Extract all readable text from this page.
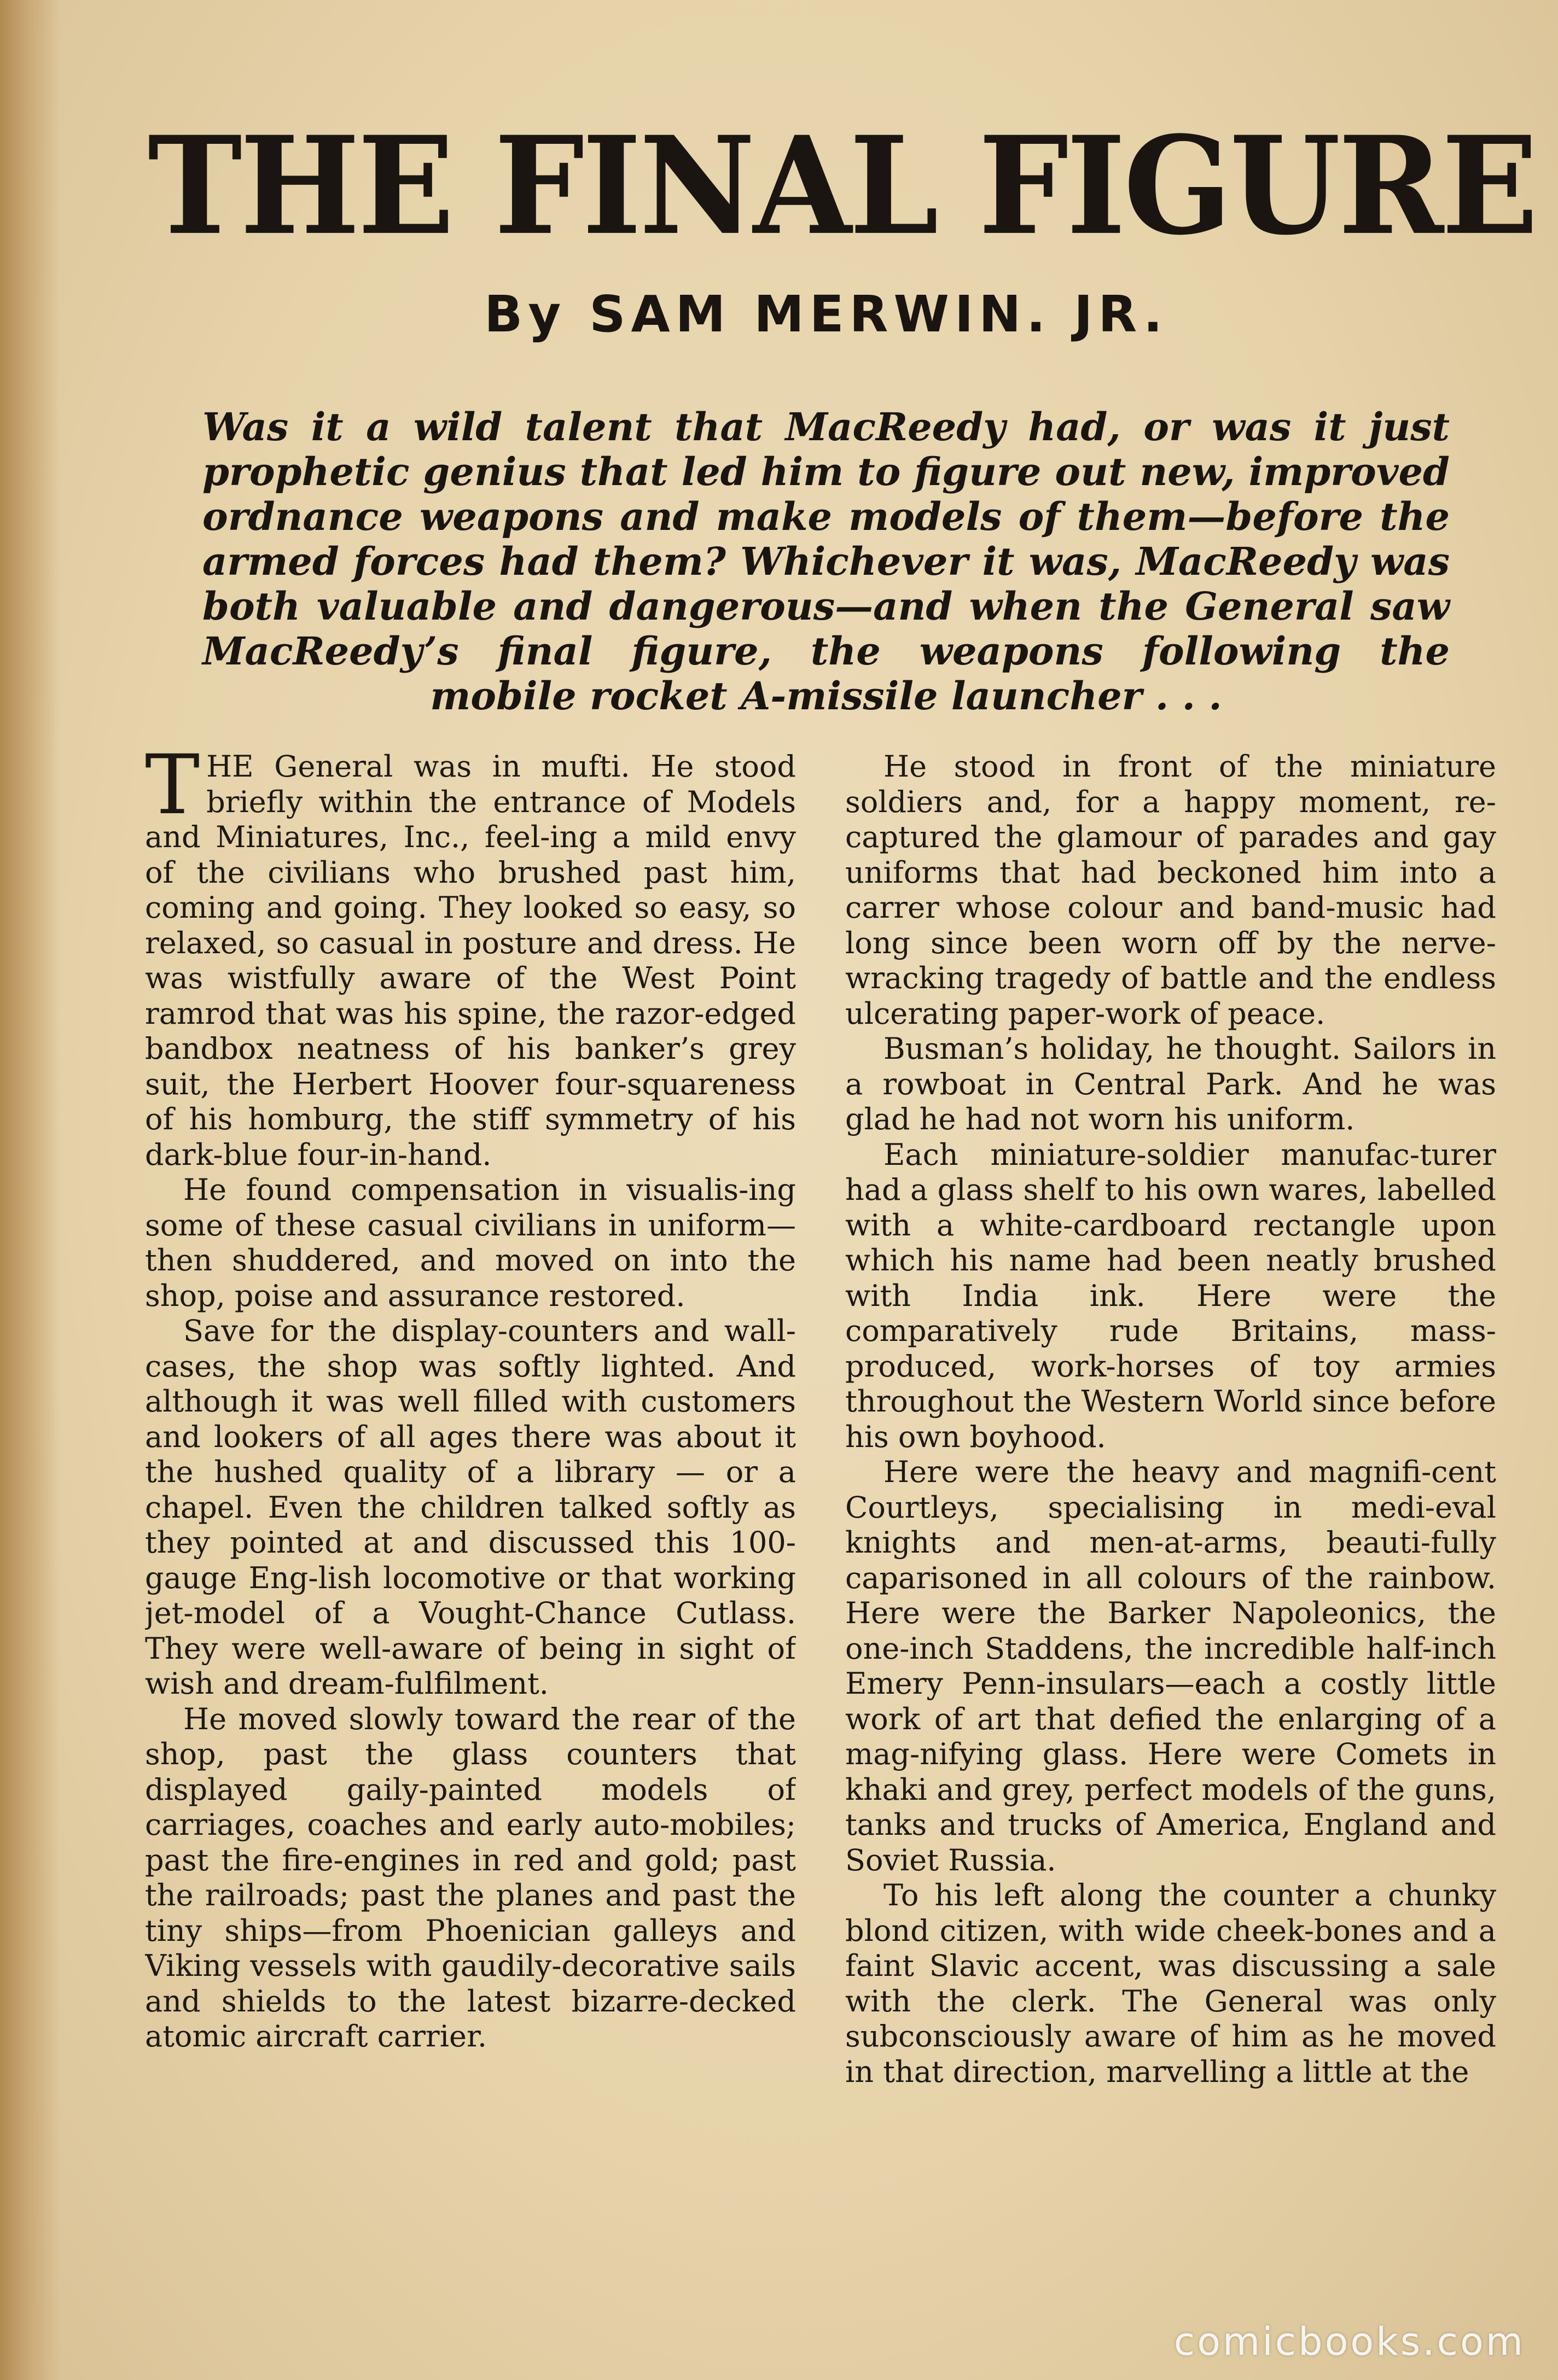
THE FINAL FIGURE
By SAM MERWIN. JR.
Was it a wild talent that MacReedy had, or was it just prophetic genius that led him to figure out new, improved ordnance weapons and make models of them—before the armed forces had them? Whichever it was, MacReedy was both valuable and dangerous—and when the General saw MacReedy’s final figure, the weapons following the mobile rocket A-missile launcher . . .

THE General was in mufti. He stood briefly within the entrance of Models and Miniatures, Inc., feel-ing a mild envy of the civilians who brushed past him, coming and going. They looked so easy, so relaxed, so casual in posture and dress. He was wistfully aware of the West Point ramrod that was his spine, the razor-edged bandbox neatness of his banker’s grey suit, the Herbert Hoover four-squareness of his homburg, the stiff symmetry of his dark-blue four-in-hand.

He found compensation in visualis-ing some of these casual civilians in uniform—then shuddered, and moved on into the shop, poise and assurance restored.

Save for the display-counters and wall-cases, the shop was softly lighted. And although it was well filled with customers and lookers of all ages there was about it the hushed quality of a library — or a chapel. Even the children talked softly as they pointed at and discussed this 100-gauge Eng-lish locomotive or that working jet-model of a Vought-Chance Cutlass. They were well-aware of being in sight of wish and dream-fulfilment.

He moved slowly toward the rear of the shop, past the glass counters that displayed gaily-painted models of carriages, coaches and early auto-mobiles; past the fire-engines in red and gold; past the railroads; past the planes and past the tiny ships—from Phoenician galleys and Viking vessels with gaudily-decorative sails and shields to the latest bizarre-decked atomic aircraft carrier.

He stood in front of the miniature soldiers and, for a happy moment, re-captured the glamour of parades and gay uniforms that had beckoned him into a carrer whose colour and band-music had long since been worn off by the nerve-wracking tragedy of battle and the endless ulcerating paper-work of peace.

Busman’s holiday, he thought. Sailors in a rowboat in Central Park. And he was glad he had not worn his uniform.

Each miniature-soldier manufac-turer had a glass shelf to his own wares, labelled with a white-cardboard rectangle upon which his name had been neatly brushed with India ink. Here were the comparatively rude Britains, mass-produced, work-horses of toy armies throughout the Western World since before his own boyhood.

Here were the heavy and magnifi-cent Courtleys, specialising in medi-eval knights and men-at-arms, beauti-fully caparisoned in all colours of the rainbow. Here were the Barker Napoleonics, the one-inch Staddens, the incredible half-inch Emery Penn-insulars—each a costly little work of art that defied the enlarging of a mag-nifying glass. Here were Comets in khaki and grey, perfect models of the guns, tanks and trucks of America, England and Soviet Russia.

To his left along the counter a chunky blond citizen, with wide cheek-bones and a faint Slavic accent, was discussing a sale with the clerk. The General was only subconsciously aware of him as he moved in that direction, marvelling a little at the

comicbooks.com
